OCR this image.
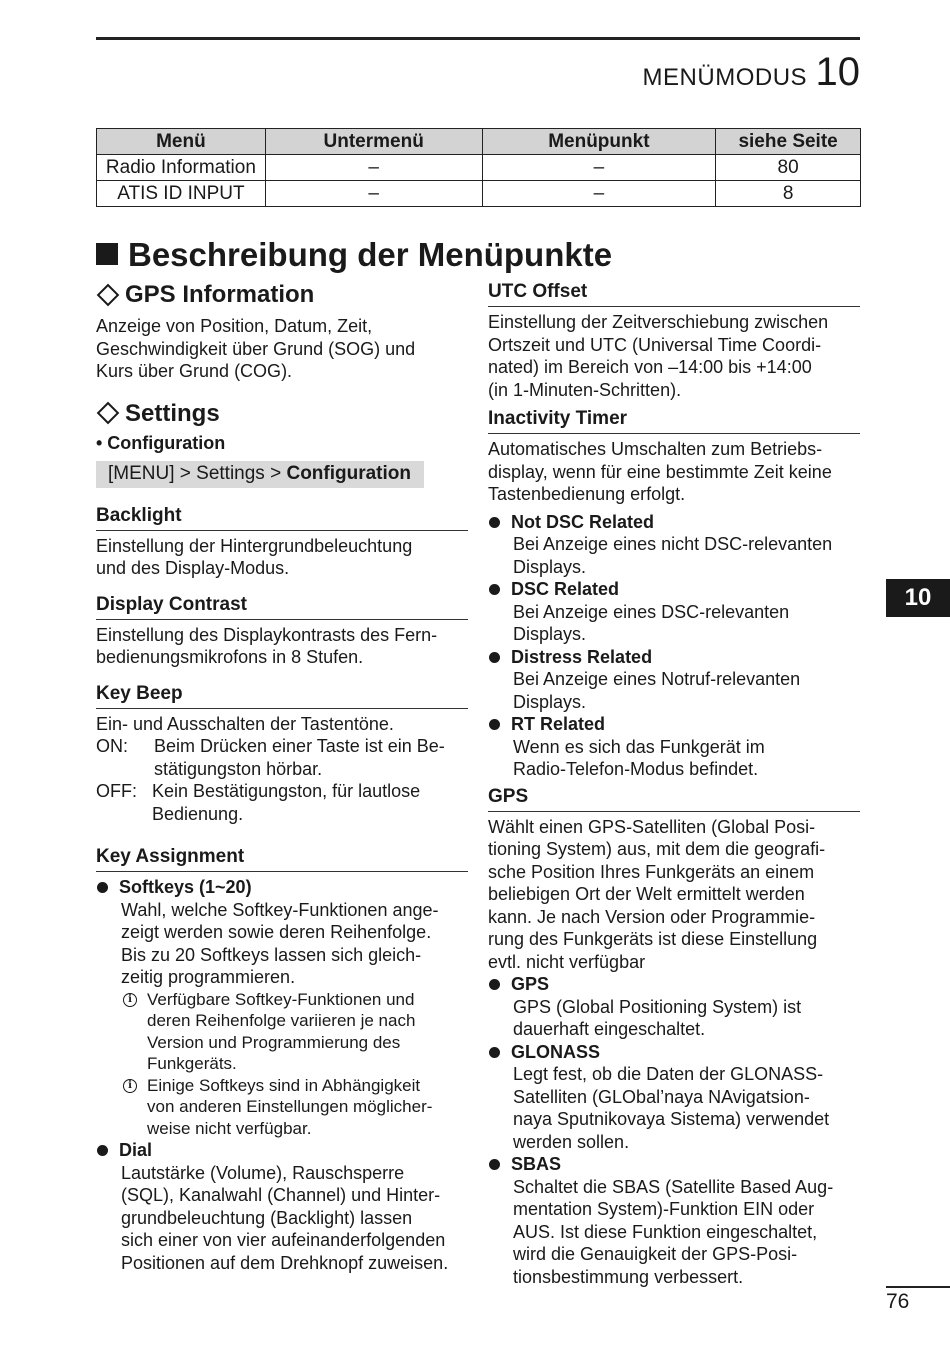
MENÜMODUS 10
Menü	Untermenü	Menüpunkt	siehe Seite
Radio Information	–	–	80
ATIS ID INPUT	–	–	8
Beschreibung der Menüpunkte
GPS Information

Anzeige von Position, Datum, Zeit,

Geschwindigkeit über Grund (SOG) und

Kurs über Grund (COG).

Settings

• Configuration

[MENU] > Settings > Configuration
Backlight

Einstellung der Hintergrundbeleuchtung

und des Display-Modus.

Display Contrast

Einstellung des Displaykontrasts des Fern-

bedienungsmikrofons in 8 Stufen.

Key Beep

Ein- und Ausschalten der Tastentöne.

ON:	Beim Drücken einer Taste ist ein Be-
stätigungston hörbar.
OFF: Kein Bestätigungston, für lautlose
Bedienung.
Key Assignment

Softkeys (1~20)

Wahl, welche Softkey-Funktionen ange-

zeigt werden sowie deren Reihenfolge.

Bis zu 20 Softkeys lassen sich gleich-

zeitig programmieren.

i Verfügbare Softkey-Funktionen und
deren Reihenfolge variieren je nach
Version und Programmierung des
Funkgeräts.
i Einige Softkeys sind in Abhängigkeit
von anderen Einstellungen möglicher-
weise nicht verfügbar.

Dial

Lautstärke (Volume), Rauschsperre

(SQL), Kanalwahl (Channel) und Hinter-

grundbeleuchtung (Backlight) lassen

sich einer von vier aufeinanderfolgenden

Positionen auf dem Drehknopf zuweisen.

UTC Offset

Einstellung der Zeitverschiebung zwischen

Ortszeit und UTC (Universal Time Coordi-

nated) im Bereich von –14:00 bis +14:00

(in 1-Minuten-Schritten).

Inactivity Timer

Automatisches Umschalten zum Betriebs-

display, wenn für eine bestimmte Zeit keine

Tastenbedienung erfolgt.

Not DSC Related

Bei Anzeige eines nicht DSC-relevanten

Displays.

DSC Related

Bei Anzeige eines DSC-relevanten

Displays.

Distress Related

Bei Anzeige eines Notruf-relevanten

Displays.

RT Related

Wenn es sich das Funkgerät im

Radio-Telefon-Modus befindet.

GPS

Wählt einen GPS-Satelliten (Global Posi-

tioning System) aus, mit dem die geografi-

sche Position Ihres Funkgeräts an einem

beliebigen Ort der Welt ermittelt werden

kann. Je nach Version oder Programmie-

rung des Funkgeräts ist diese Einstellung

evtl. nicht verfügbar

GPS

GPS (Global Positioning System) ist

dauerhaft eingeschaltet.

GLONASS

Legt fest, ob die Daten der GLONASS-

Satelliten (GLObal’naya NAvigatsion-

naya Sputnikovaya Sistema) verwendet

werden sollen.

SBAS

Schaltet die SBAS (Satellite Based Aug-

mentation System)-Funktion EIN oder

AUS. Ist diese Funktion eingeschaltet,

wird die Genauigkeit der GPS-Posi-

tionsbestimmung verbessert.

10
76
